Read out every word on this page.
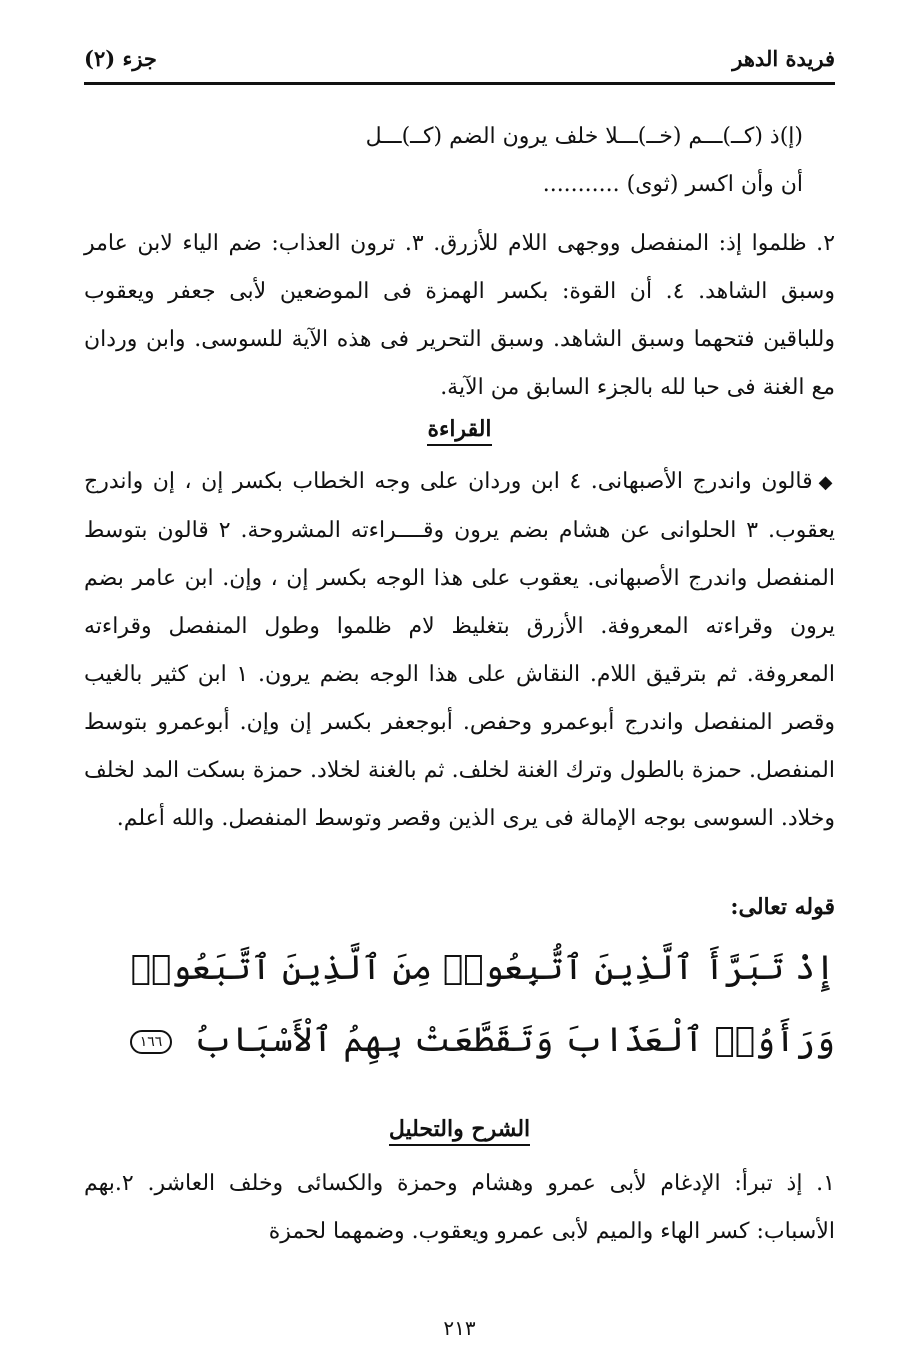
فريدة الدهر
جزء (٢)
(إ)ذ (كــ)ـــم (خــ)ـــلا خلف يرون الضم (كــ)ـــل
أن وأن اكسر (ثوى) ...........
٢. ظلموا إذ: المنفصل ووجهى اللام للأزرق. ٣. ترون العذاب: ضم الياء لابن عامر وسبق الشاهد. ٤. أن القوة: بكسر الهمزة فى الموضعين لأبى جعفر ويعقوب وللباقين فتحهما وسبق الشاهد. وسبق التحرير فى هذه الآية للسوسى. وابن وردان مع الغنة فى حبا لله بالجزء السابق من الآية.
القراءة
◆قالون واندرج الأصبهانى. ٤ ابن وردان على وجه الخطاب بكسر إن ، إن واندرج يعقوب. ٣ الحلوانى عن هشام بضم يرون وقــــراءته المشروحة. ٢ قالون بتوسط المنفصل واندرج الأصبهانى. يعقوب على هذا الوجه بكسر إن ، وإن. ابن عامر بضم يرون وقراءته المعروفة. الأزرق بتغليظ لام ظلموا وطول المنفصل وقراءته المعروفة. ثم بترقيق اللام. النقاش على هذا الوجه بضم يرون. ١ ابن كثير بالغيب وقصر المنفصل واندرج أبوعمرو وحفص. أبوجعفر بكسر إن وإن. أبوعمرو بتوسط المنفصل. حمزة بالطول وترك الغنة لخلف. ثم بالغنة لخلاد. حمزة بسكت المد لخلف وخلاد. السوسى بوجه الإمالة فى يرى الذين وقصر وتوسط المنفصل. والله أعلم.
قوله تعالى:
إِذْ تَبَرَّأَ ٱلَّذِينَ ٱتُّبِعُوا۟ مِنَ ٱلَّذِينَ ٱتَّبَعُوا۟ وَرَأَوُا۟ ٱلْعَذَابَ وَتَقَطَّعَتْ بِهِمُ ٱلْأَسْبَابُ ١٦٦
الشرح والتحليل
١. إذ تبرأ: الإدغام لأبى عمرو وهشام وحمزة والكسائى وخلف العاشر. ٢.بهم الأسباب: كسر الهاء والميم لأبى عمرو ويعقوب. وضمهما لحمزة
٢١٣
